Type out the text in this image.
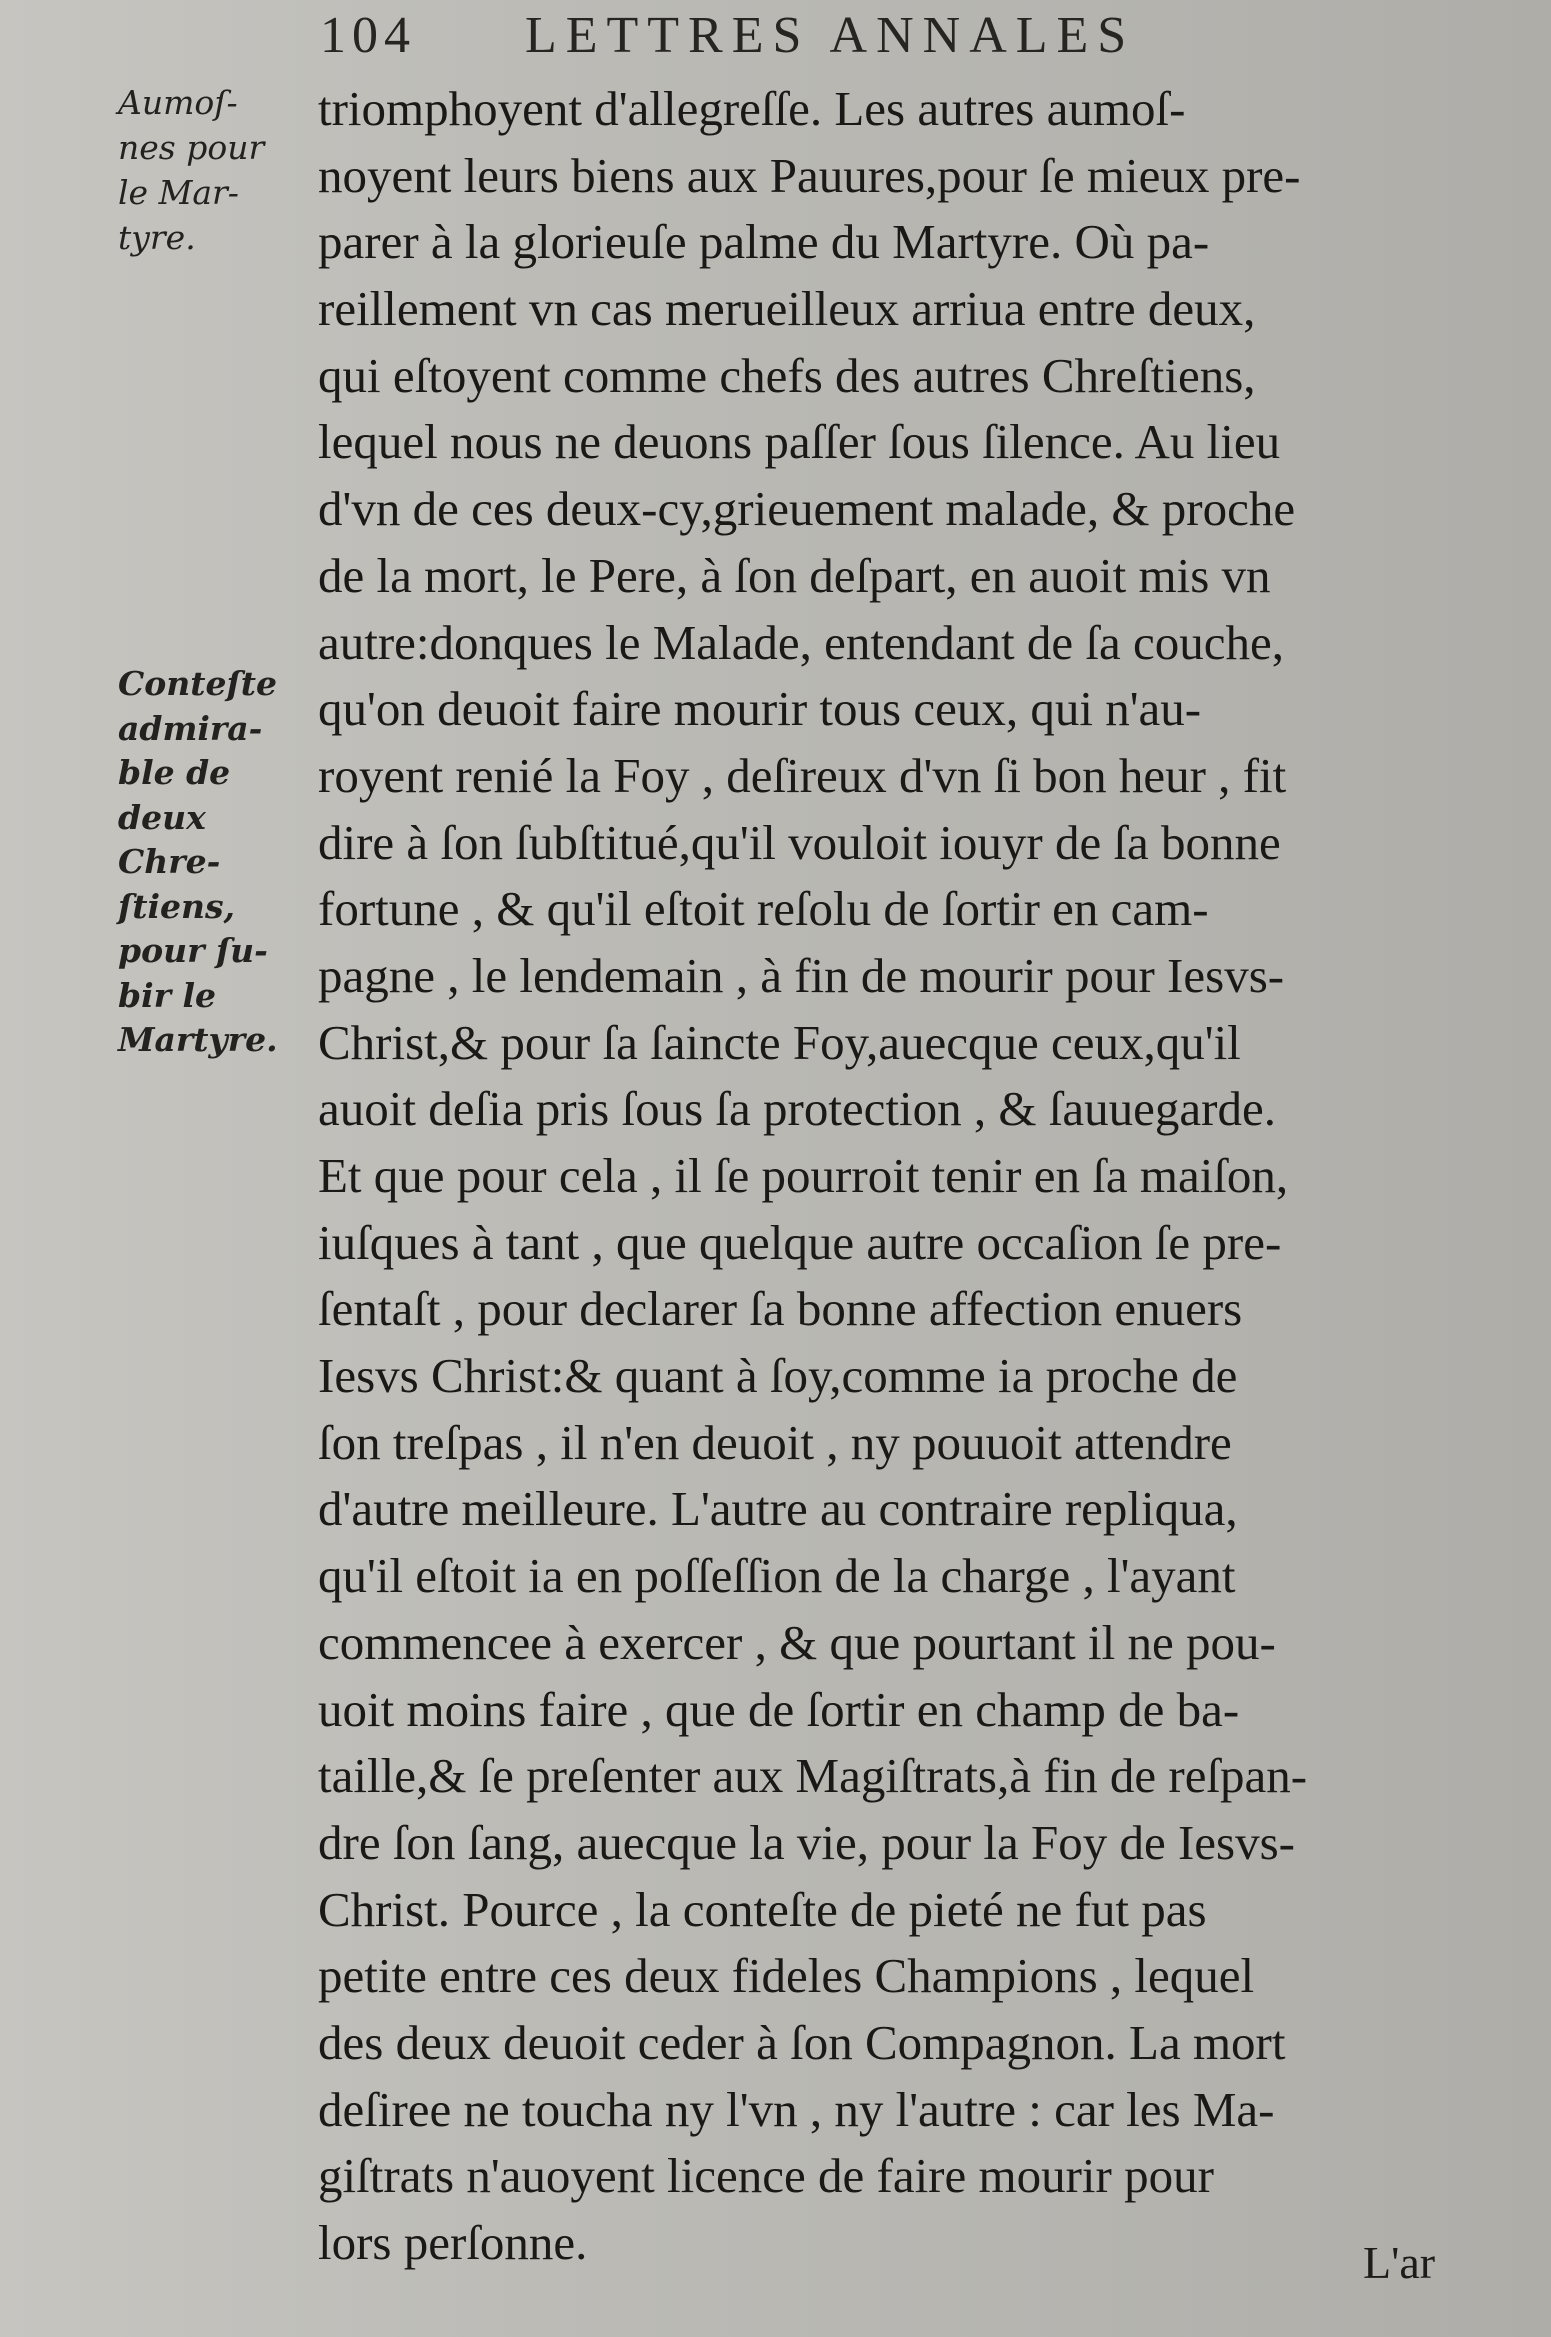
104 LETTRES ANNALES
Aumoſ-
nes pour
le Mar-
tyre.
Conteſte
admira-
ble de
deux
Chre-
ſtiens,
pour ſu-
bir le
Martyre.
triomphoyent d'allegreſſe. Les autres aumoſ-
noyent leurs biens aux Pauures,pour ſe mieux pre-
parer à la glorieuſe palme du Martyre. Où pa-
reillement vn cas merueilleux arriua entre deux,
qui eſtoyent comme chefs des autres Chreſtiens,
lequel nous ne deuons paſſer ſous ſilence. Au lieu
d'vn de ces deux-cy,grieuement malade, & proche
de la mort, le Pere, à ſon deſpart, en auoit mis vn
autre:donques le Malade, entendant de ſa couche,
qu'on deuoit faire mourir tous ceux, qui n'au-
royent renié la Foy , deſireux d'vn ſi bon heur , fit
dire à ſon ſubſtitué,qu'il vouloit iouyr de ſa bonne
fortune , & qu'il eſtoit reſolu de ſortir en cam-
pagne , le lendemain , à fin de mourir pour Iesvs-
Christ,& pour ſa ſaincte Foy,auecque ceux,qu'il
auoit deſia pris ſous ſa protection , & ſauuegarde.
Et que pour cela , il ſe pourroit tenir en ſa maiſon,
iuſques à tant , que quelque autre occaſion ſe pre-
ſentaſt , pour declarer ſa bonne affection enuers
Iesvs Christ:& quant à ſoy,comme ia proche de
ſon treſpas , il n'en deuoit , ny pouuoit attendre
d'autre meilleure. L'autre au contraire repliqua,
qu'il eſtoit ia en poſſeſſion de la charge , l'ayant
commencee à exercer , & que pourtant il ne pou-
uoit moins faire , que de ſortir en champ de ba-
taille,& ſe preſenter aux Magiſtrats,à fin de reſpan-
dre ſon ſang, auecque la vie, pour la Foy de Iesvs-
Christ. Pource , la conteſte de pieté ne fut pas
petite entre ces deux fideles Champions , lequel
des deux deuoit ceder à ſon Compagnon. La mort
deſiree ne toucha ny l'vn , ny l'autre : car les Ma-
giſtrats n'auoyent licence de faire mourir pour
lors perſonne.	L'ar
